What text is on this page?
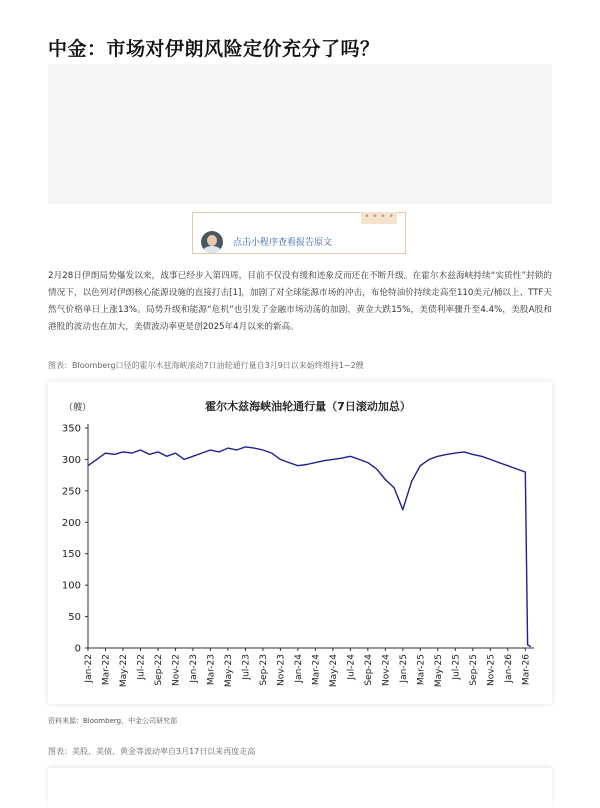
中金：市场对伊朗风险定价充分了吗？
• • • •
点击小程序查看报告原文
2月28日伊朗局势爆发以来，战事已经步入第四周，目前不仅没有缓和迹象反而还在不断升级。在霍尔木兹海峡持续“实质性”封锁的情况下，以色列对伊朗核心能源设施的直接打击[1]，加剧了对全球能源市场的冲击，布伦特油价持续走高至110美元/桶以上、TTF天然气价格单日上涨13%。局势升级和能源“危机”也引发了金融市场动荡的加剧，黄金大跌15%，美债利率骤升至4.4%，美股A股和港股的波动也在加大，美债波动率更是创2025年4月以来的新高。
图表：Bloomberg口径的霍尔木兹海峡滚动7日油轮通行量自3月9日以来始终维持1~2艘
霍尔木兹海峡油轮通行量（7日滚动加总）
（艘）
0
50
100
150
200
250
300
350
Jan-22 Mar-22 May-22 Jul-22 Sep-22 Nov-22 Jan-23 Mar-23 May-23 Jul-23 Sep-23 Nov-23 Jan-24 Mar-24 May-24 Jul-24 Sep-24 Nov-24 Jan-25 Mar-25 May-25 Jul-25 Sep-25 Nov-25 Jan-26 Mar-26
资料来源：Bloomberg，中金公司研究部
图表：美股、美债、黄金等波动率自3月17日以来再度走高
